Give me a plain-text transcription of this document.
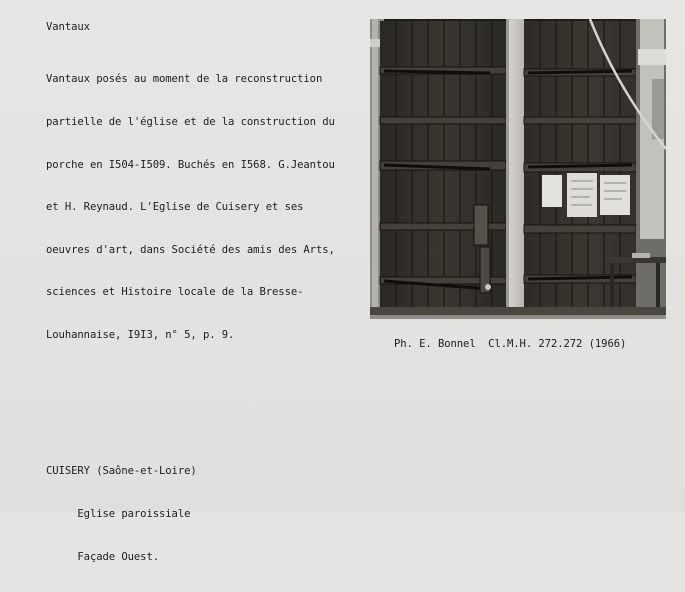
Vantaux

Vantaux posés au moment de la reconstruction

partielle de l'église et de la construction du

porche en I504-I509. Buchés en I568. G.Jeantou

et H. Reynaud. L'Eglise de Cuisery et ses

oeuvres d'art, dans Société des amis des Arts,

sciences et Histoire locale de la Bresse-

Louhannaise, I9I3, n° 5, p. 9.

Ph. E. Bonnel  Cl.M.H. 272.272 (1966)

CUISERY (Saône-et-Loire)

Eglise paroissiale

Façade Ouest.
